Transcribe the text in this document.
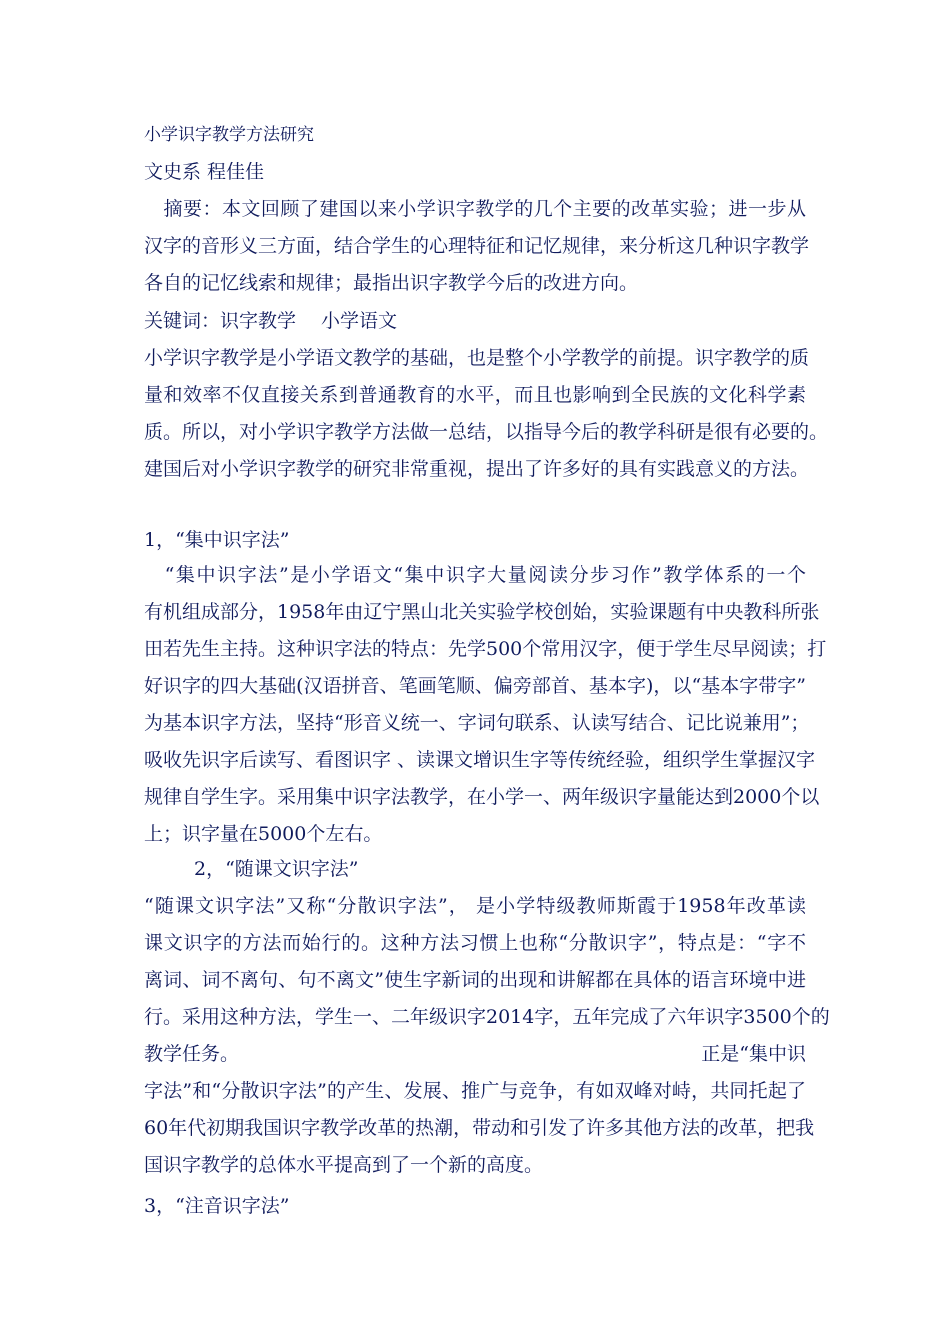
小学识字教学方法研究
文史系 程佳佳
　摘要：本文回顾了建国以来小学识字教学的几个主要的改革实验；进一步从
汉字的音形义三方面，结合学生的心理特征和记忆规律，来分析这几种识字教学
各自的记忆线索和规律；最指出识字教学今后的改进方向。
关键词：识字教学　 小学语文
小学识字教学是小学语文教学的基础，也是整个小学教学的前提。识字教学的质
量和效率不仅直接关系到普通教育的水平，而且也影响到全民族的文化科学素
质。所以，对小学识字教学方法做一总结，以指导今后的教学科研是很有必要的。
建国后对小学识字教学的研究非常重视，提出了许多好的具有实践意义的方法。
1，“集中识字法”
　“集中识字法”是小学语文“集中识字大量阅读分步习作”教学体系的一个
有机组成部分，1958年由辽宁黑山北关实验学校创始，实验课题有中央教科所张
田若先生主持。这种识字法的特点：先学500个常用汉字，便于学生尽早阅读；打
好识字的四大基础(汉语拼音、笔画笔顺、偏旁部首、基本字)，以“基本字带字”
为基本识字方法，坚持“形音义统一、字词句联系、认读写结合、记比说兼用”；
吸收先识字后读写、看图识字 、读课文增识生字等传统经验，组织学生掌握汉字
规律自学生字。采用集中识字法教学，在小学一、两年级识字量能达到2000个以
上；识字量在5000个左右。
2，“随课文识字法”
“随课文识字法”又称“分散识字法”， 是小学特级教师斯霞于1958年改革读
课文识字的方法而始行的。这种方法习惯上也称“分散识字”，特点是：“字不
离词、词不离句、句不离文”使生字新词的出现和讲解都在具体的语言环境中进
行。采用这种方法，学生一、二年级识字2014字，五年完成了六年识字3500个的
教学任务。	正是“集中识
字法”和“分散识字法”的产生、发展、推广与竞争，有如双峰对峙，共同托起了
60年代初期我国识字教学改革的热潮，带动和引发了许多其他方法的改革，把我
国识字教学的总体水平提高到了一个新的高度。
3，“注音识字法”
